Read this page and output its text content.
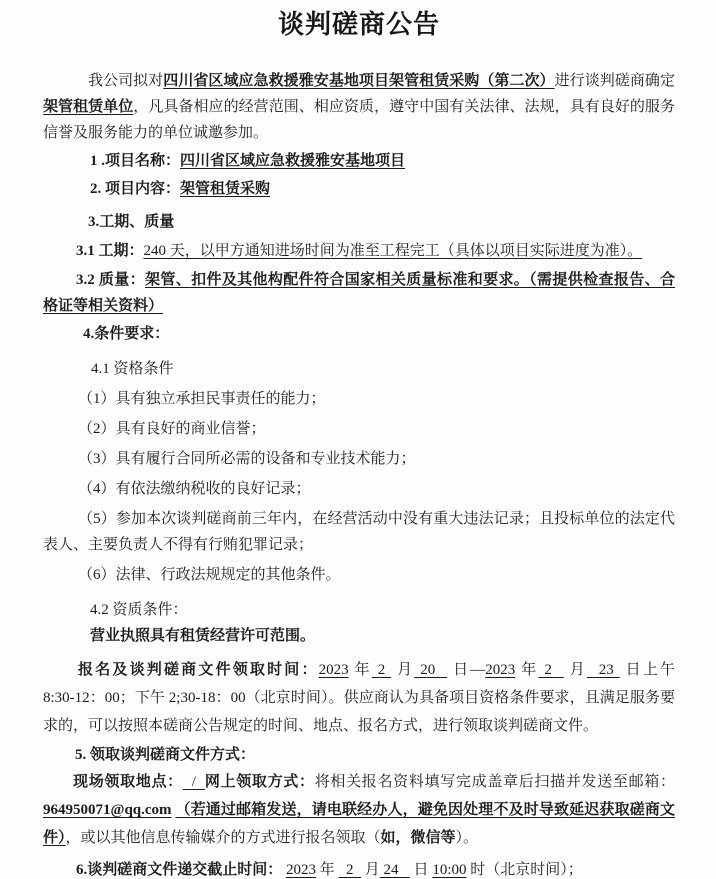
谈判磋商公告

我公司拟对四川省区域应急救援雅安基地项目架管租赁采购（第二次）进行谈判磋商确定架管租赁单位，凡具备相应的经营范围、相应资质，遵守中国有关法律、法规，具有良好的服务信誉及服务能力的单位诚邀参加。

1 .项目名称：四川省区域应急救援雅安基地项目

2. 项目内容：架管租赁采购

3.工期、质量

3.1 工期：240 天，以甲方通知进场时间为准至工程完工（具体以项目实际进度为准）。

3.2 质量：架管、扣件及其他构配件符合国家相关质量标准和要求。（需提供检查报告、合格证等相关资料）

4.条件要求：

4.1 资格条件

（1）具有独立承担民事责任的能力；

（2）具有良好的商业信誉；

（3）具有履行合同所必需的设备和专业技术能力；

（4）有依法缴纳税收的良好记录；

（5）参加本次谈判磋商前三年内，在经营活动中没有重大违法记录；且投标单位的法定代表人、主要负责人不得有行贿犯罪记录；

（6）法律、行政法规规定的其他条件。

4.2 资质条件：

营业执照具有租赁经营许可范围。

报名及谈判磋商文件领取时间：2023 年 2  月 20   日—2023 年 2   月  23  日上午 8:30-12：00；下午 2;30-18：00（北京时间）。供应商认为具备项目资格条件要求，且满足服务要求的，可以按照本磋商公告规定的时间、地点、报名方式，进行领取谈判磋商文件。

5. 领取谈判磋商文件方式：

现场领取地点：  /  网上领取方式：将相关报名资料填写完成盖章后扫描并发送至邮箱：964950071@qq.com （若通过邮箱发送，请电联经办人，避免因处理不及时导致延迟获取磋商文件），或以其他信息传输媒介的方式进行报名领取（如，微信等）。

6.谈判磋商文件递交截止时间： 2023 年   2   月 24    日 10:00 时（北京时间）；
